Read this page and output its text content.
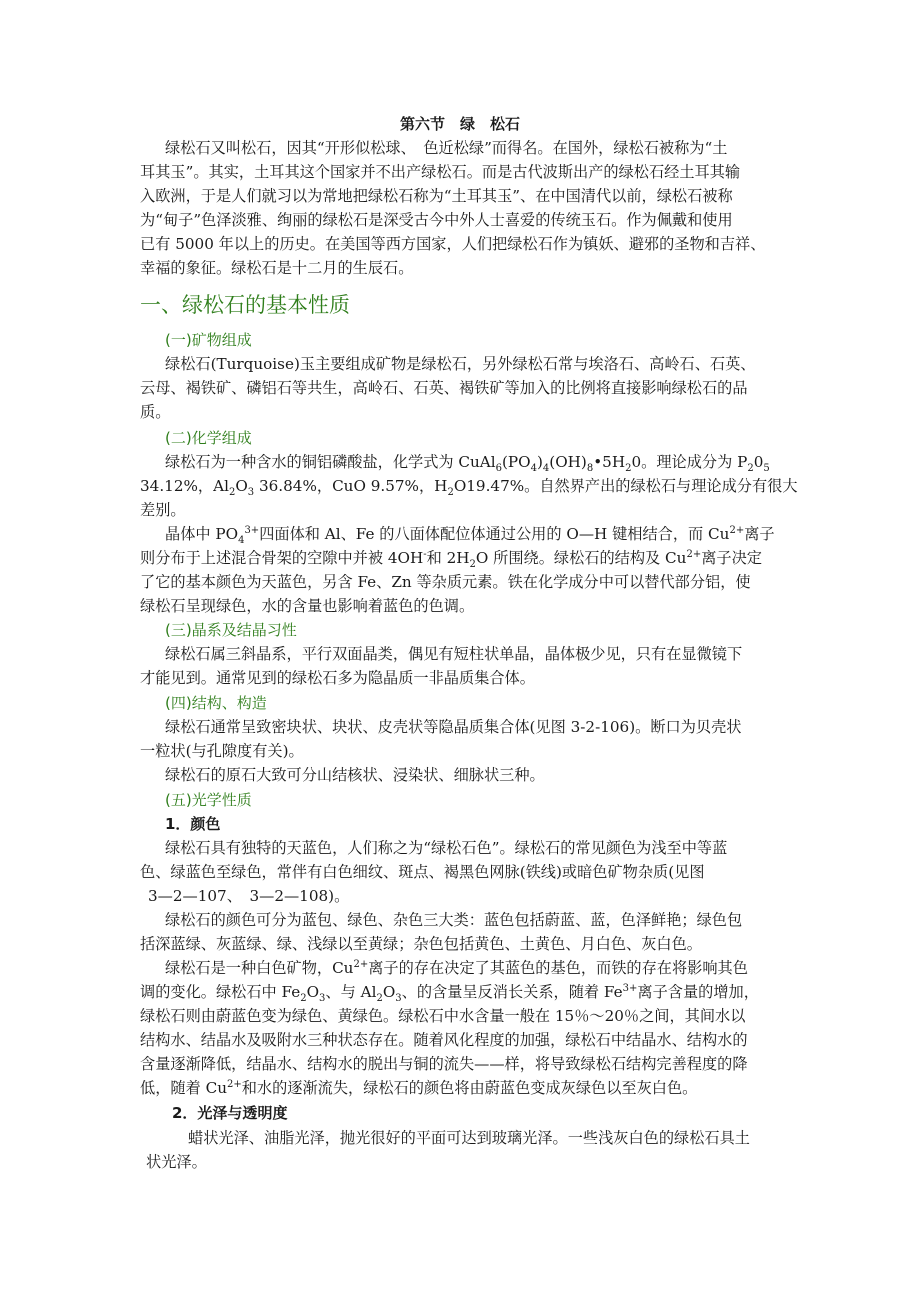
第六节　绿　松石
绿松石又叫松石，因其“开形似松球、　色近松绿”而得名。在国外，绿松石被称为“土
耳其玉”。其实，土耳其这个国家并不出产绿松石。而是古代波斯出产的绿松石经土耳其输
入欧洲，于是人们就习以为常地把绿松石称为“土耳其玉”、在中国清代以前，绿松石被称
为“甸子”色泽淡雅、绚丽的绿松石是深受古今中外人士喜爱的传统玉石。作为佩戴和使用
已有 5000 年以上的历史。在美国等西方国家，人们把绿松石作为镇妖、避邪的圣物和吉祥、
幸福的象征。绿松石是十二月的生辰石。
一、绿松石的基本性质
(一)矿物组成
绿松石(Turquoise)玉主要组成矿物是绿松石，另外绿松石常与埃洛石、高岭石、石英、
云母、褐铁矿、磷铝石等共生，高岭石、石英、褐铁矿等加入的比例将直接影响绿松石的品
质。
(二)化学组成
绿松石为一种含水的铜铝磷酸盐，化学式为 $CuAl_6(PO_4)_4(OH)_8•5H_20$。理论成分为 $P_20_5$
34.12%，$Al_2O_3$ 36.84%，CuO 9.57%，$H_2O19.47\%$。自然界产出的绿松石与理论成分有很大
差别。
晶体中 $PO_4^{3+}$四面体和 Al、Fe 的八面体配位体通过公用的 O—H 键相结合，而 $Cu^{2+}$离子
则分布于上述混合骨架的空隙中并被 4OH-和 $2H_2O$ 所围绕。绿松石的结构及 $Cu^{2+}$离子决定
了它的基本颜色为天蓝色，另含 Fe、Zn 等杂质元素。铁在化学成分中可以替代部分铝，使
绿松石呈现绿色，水的含量也影响着蓝色的色调。
(三)晶系及结晶习性
绿松石属三斜晶系，平行双面晶类，偶见有短柱状单晶，晶体极少见，只有在显微镜下
才能见到。通常见到的绿松石多为隐晶质一非晶质集合体。
(四)结构、构造
绿松石通常呈致密块状、块状、皮壳状等隐晶质集合体(见图 3-2-106)。断口为贝壳状
一粒状(与孔隙度有关)。
绿松石的原石大致可分山结核状、浸染状、细脉状三种。
(五)光学性质
1．颜色
绿松石具有独特的天蓝色，人们称之为“绿松石色”。绿松石的常见颜色为浅至中等蓝
色、绿蓝色至绿色，常伴有白色细纹、斑点、褐黑色网脉(铁线)或暗色矿物杂质(见图
3—2—107、　3—2—108)。
绿松石的颜色可分为蓝包、绿色、杂色三大类：蓝色包括蔚蓝、蓝，色泽鲜艳；绿色包
括深蓝绿、灰蓝绿、绿、浅绿以至黄绿；杂色包括黄色、土黄色、月白色、灰白色。
绿松石是一种白色矿物，$Cu^{2+}$离子的存在决定了其蓝色的基色，而铁的存在将影响其色
调的变化。绿松石中 $Fe_2O_3$、与 $Al_2O_3$、的含量呈反消长关系，随着 $Fe^{3+}$离子含量的增加，
绿松石则由蔚蓝色变为绿色、黄绿色。绿松石中水含量一般在 15％～20％之间，其间水以
结构水、结晶水及吸附水三种状态存在。随着风化程度的加强，绿松石中结晶水、结构水的
含量逐渐降低，结晶水、结构水的脱出与铜的流失——样，将导致绿松石结构完善程度的降
低，随着 $Cu^{2+}$和水的逐渐流失，绿松石的颜色将由蔚蓝色变成灰绿色以至灰白色。
2．光泽与透明度
蜡状光泽、油脂光泽，抛光很好的平面可达到玻璃光泽。一些浅灰白色的绿松石具土
状光泽。
